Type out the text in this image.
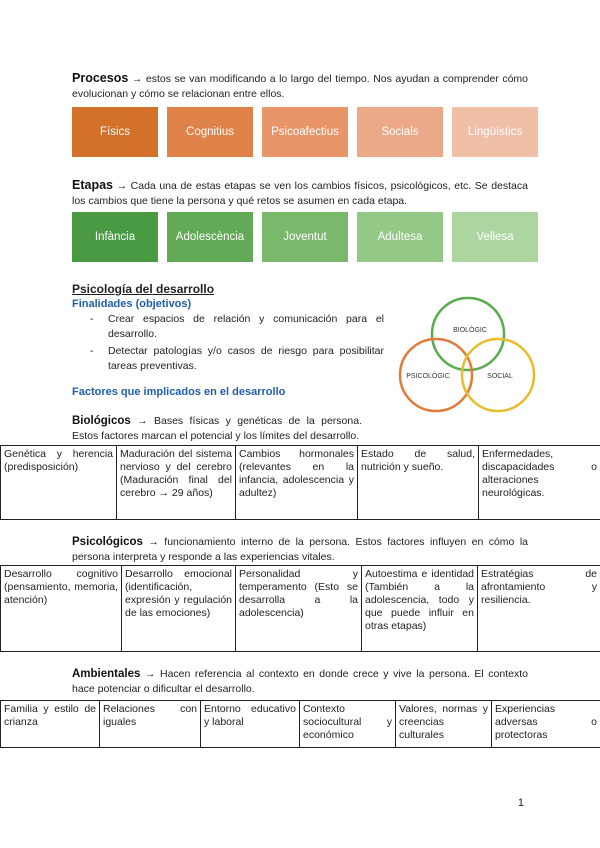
Procesos → estos se van modificando a lo largo del tiempo. Nos ayudan a comprender cómo evolucionan y cómo se relacionan entre ellos.
Físics	Cognitius	Psicoafectius	Socials	Lingüístics
Etapas → Cada una de estas etapas se ven los cambios físicos, psicológicos, etc. Se destaca los cambios que tiene la persona y qué retos se asumen en cada etapa.
Infància	Adolescència	Joventut	Adultesa	Vellesa
Psicología del desarrollo
Finalidades (objetivos)
- Crear espacios de relación y comunicación para el desarrollo.
- Detectar patologías y/o casos de riesgo para posibilitar tareas preventivas.
Factores que implicados en el desarrollo
BIOLÒGIC
PSICOLÒGIC	SOCIAL
Biológicos → Bases físicas y genéticas de la persona. Estos factores marcan el potencial y los límites del desarrollo.
Genética y herencia (predisposición)	Maduración del sistema nervioso y del cerebro (Maduración final del cerebro → 29 años)	Cambios hormonales (relevantes en la infancia, adolescencia y adultez)	Estado de salud, nutrición y sueño.	Enfermedades, discapacidades o alteraciones neurológicas.
Psicológicos → funcionamiento interno de la persona. Estos factores influyen en cómo la persona interpreta y responde a las experiencias vitales.
Desarrollo cognitivo (pensamiento, memoria, atención)	Desarrollo emocional (identificación, expresión y regulación de las emociones)	Personalidad y temperamento (Esto se desarrolla a la adolescencia)	Autoestima e identidad (También a la adolescencia, todo y que puede influir en otras etapas)	Estratégias de afrontamiento y resiliencia.
Ambientales → Hacen referencia al contexto en donde crece y vive la persona. El contexto hace potenciar o dificultar el desarrollo.
Familia y estilo de crianza	Relaciones con iguales	Entorno educativo y laboral	Contexto sociocultural y económico	Valores, normas y creencias culturales	Experiencias adversas o protectoras
1
